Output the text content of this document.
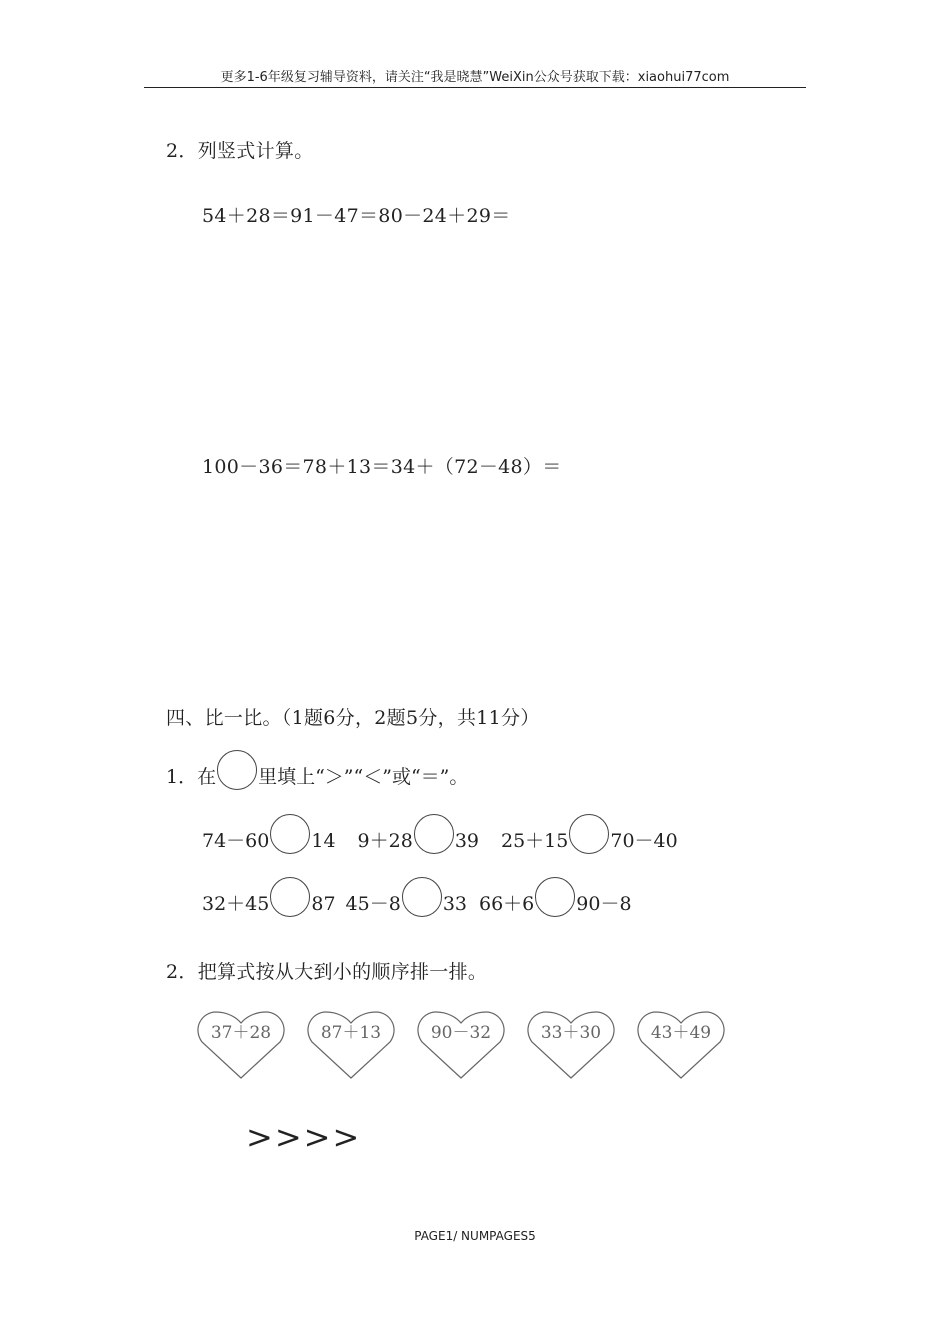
更多1-6年级复习辅导资料，请关注“我是晓慧”WeiXin公众号获取下载：xiaohui77com
2．列竖式计算。
54＋28＝91－47＝80－24＋29＝
100－36＝78＋13＝34＋（72－48）＝
四、比一比。（1题6分，2题5分，共11分）
1．在 里填上“＞”“＜”或“＝”。
74－60 14 9＋28 39 25＋15 70－40
32＋45 87 45－8 33 66＋6 90－8
2．把算式按从大到小的顺序排一排。
37＋28	87＋13	90－32	33＋30	43＋49
>>>>
PAGE1/ NUMPAGES5
